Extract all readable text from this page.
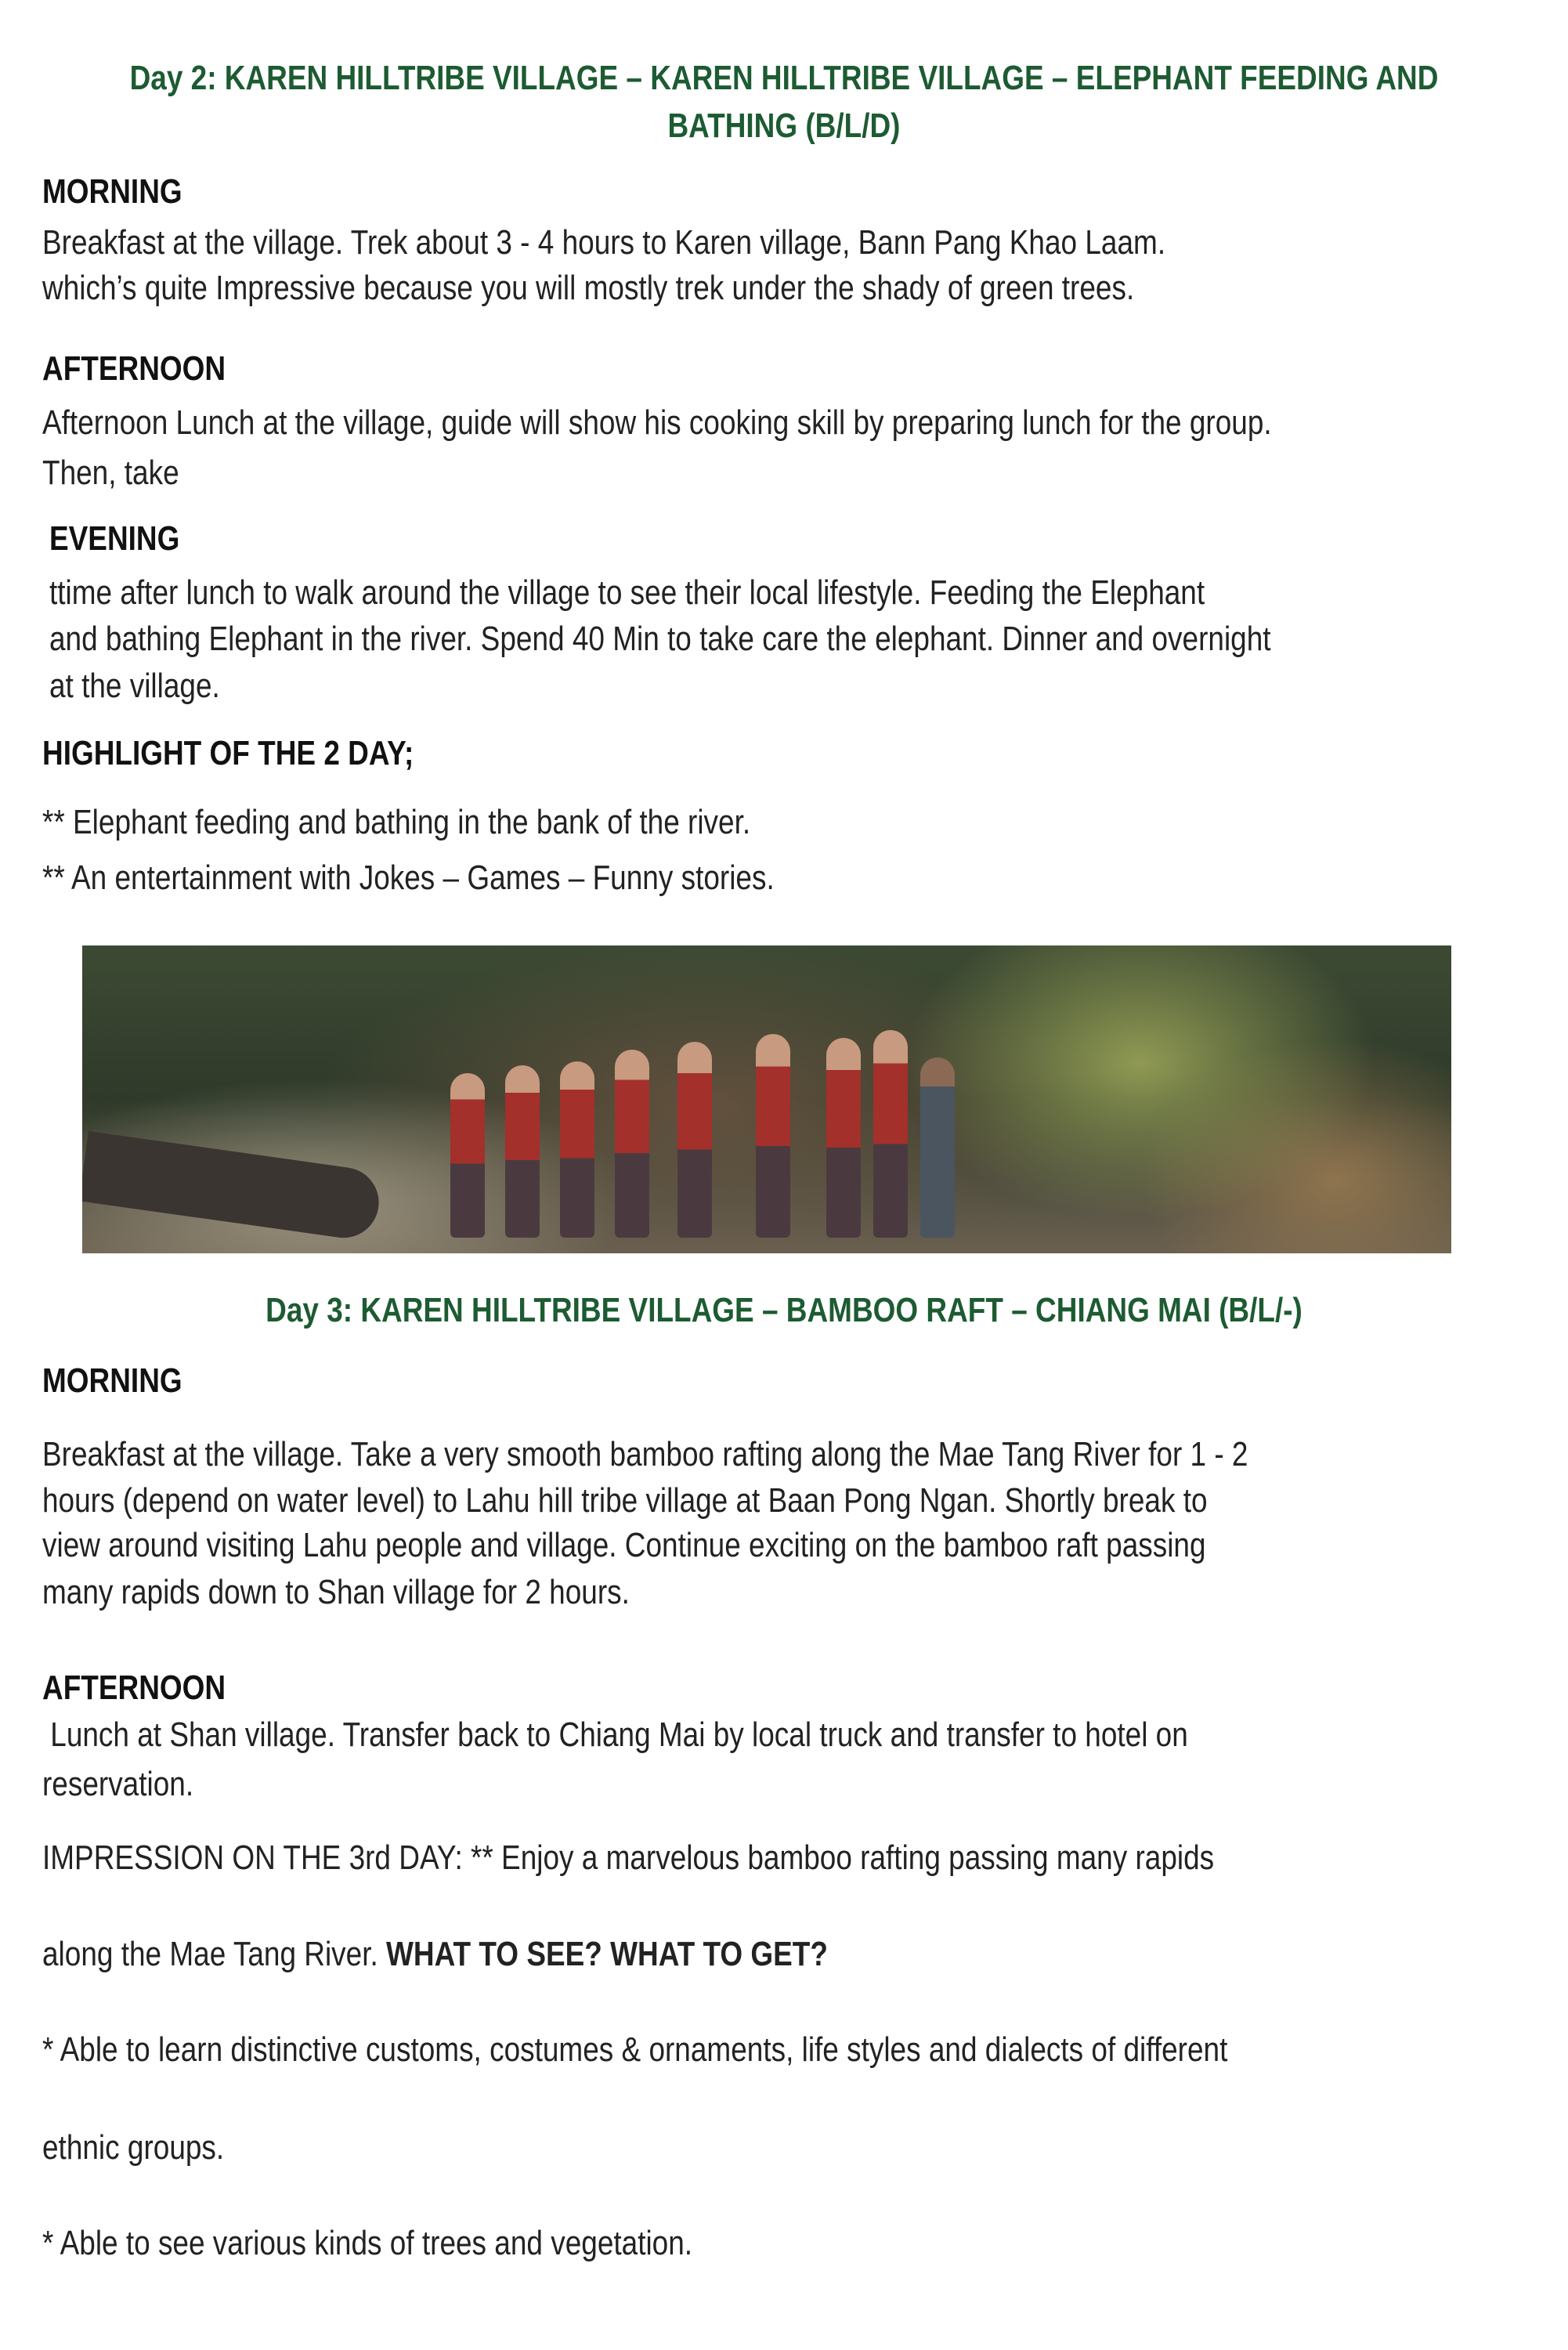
Day 2: KAREN HILLTRIBE VILLAGE – KAREN HILLTRIBE VILLAGE – ELEPHANT FEEDING AND
BATHING (B/L/D)
MORNING
Breakfast at the village. Trek about 3 - 4 hours to Karen village, Bann Pang Khao Laam.
which’s quite Impressive because you will mostly trek under the shady of green trees.
AFTERNOON
Afternoon Lunch at the village, guide will show his cooking skill by preparing lunch for the group.
Then, take
EVENING
ttime after lunch to walk around the village to see their local lifestyle. Feeding the Elephant
and bathing Elephant in the river. Spend 40 Min to take care the elephant. Dinner and overnight
at the village.
HIGHLIGHT OF THE 2 DAY;
** Elephant feeding and bathing in the bank of the river.
** An entertainment with Jokes – Games – Funny stories.
Day 3: KAREN HILLTRIBE VILLAGE – BAMBOO RAFT – CHIANG MAI (B/L/-)
MORNING
Breakfast at the village. Take a very smooth bamboo rafting along the Mae Tang River for 1 - 2
hours (depend on water level) to Lahu hill tribe village at Baan Pong Ngan. Shortly break to
view around visiting Lahu people and village. Continue exciting on the bamboo raft passing
many rapids down to Shan village for 2 hours.
AFTERNOON
Lunch at Shan village. Transfer back to Chiang Mai by local truck and transfer to hotel on
reservation.
IMPRESSION ON THE 3rd DAY: ** Enjoy a marvelous bamboo rafting passing many rapids
along the Mae Tang River. WHAT TO SEE? WHAT TO GET?
* Able to learn distinctive customs, costumes & ornaments, life styles and dialects of different
ethnic groups.
* Able to see various kinds of trees and vegetation.
